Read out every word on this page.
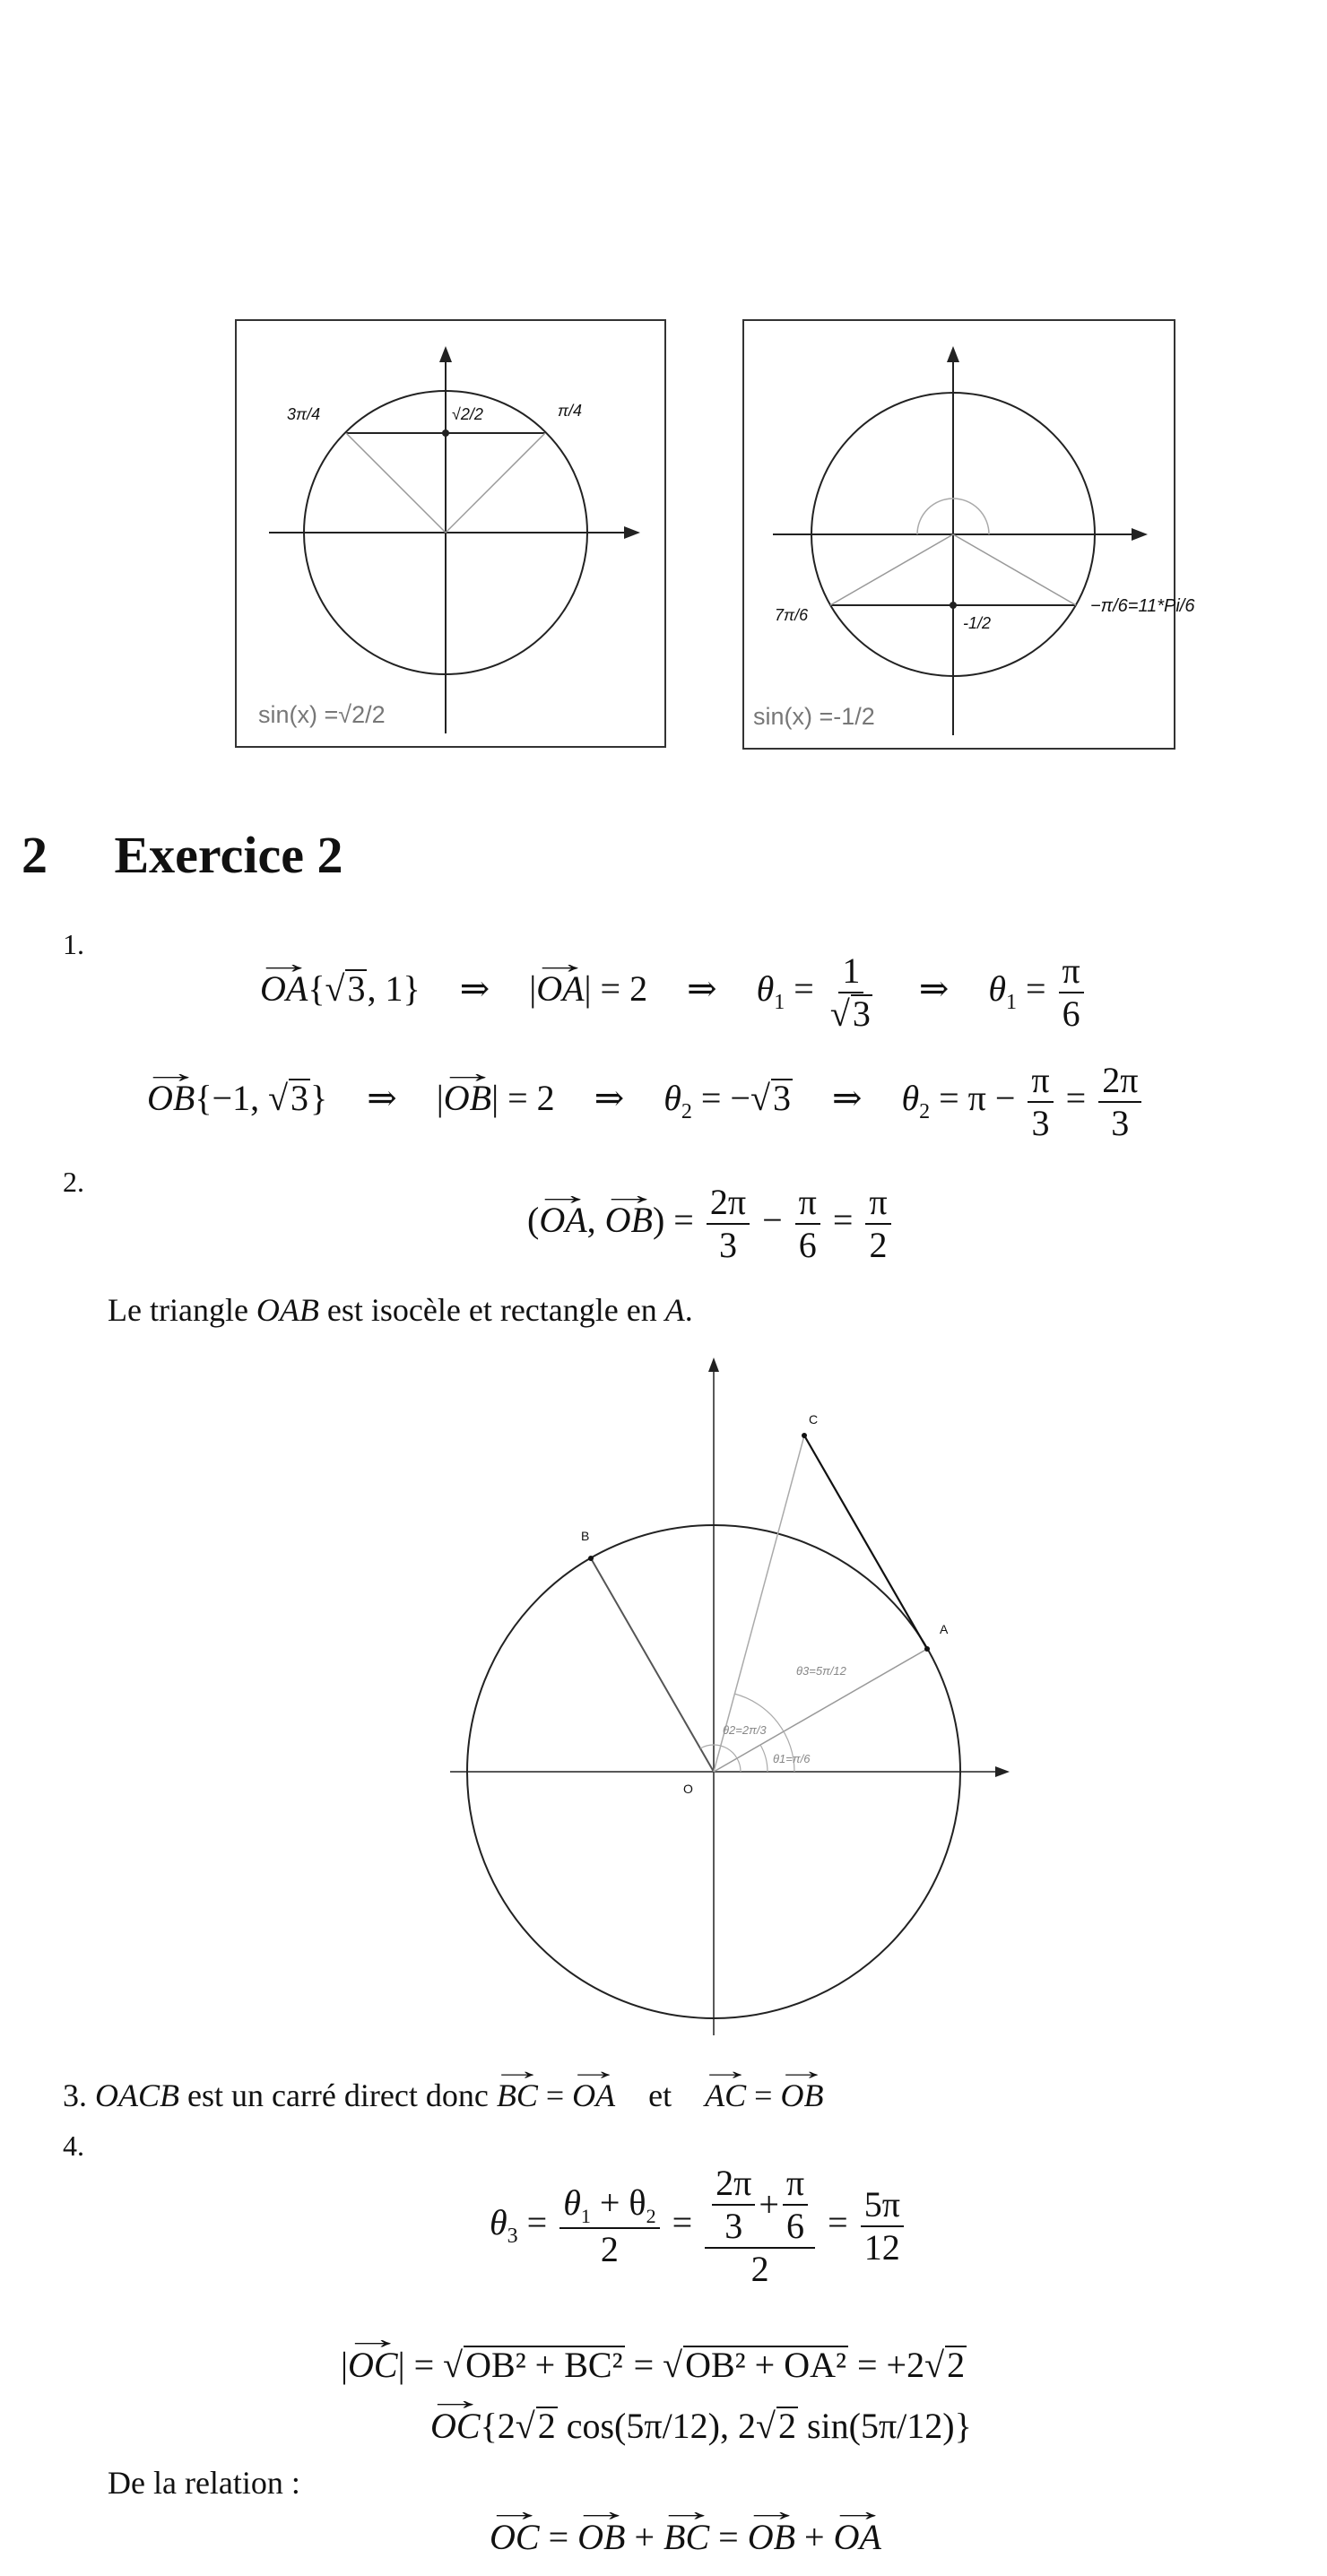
3π/4	√2/2	π/4
sin(x) =√2/2
7π/6	-1/2
sin(x) =-1/2
−π/6=11*Pi/6
2 Exercice 2
1.
OA →{√3, 1} ⇒ |OA →| = 2 ⇒ $\theta_1 = \frac{1}{√3}$ ⇒ $\theta_1 = \frac{\pi}{6}$
OB →{−1, √3} ⇒ |OB →| = 2 ⇒ $\theta_2 = -√3$ ⇒ $\theta_2 = \pi - \frac{\pi}{3} = \frac{2\pi}{3}$
2.
(OA →, OB →) = $\frac{2\pi}{3} - \frac{\pi}{6} = \frac{\pi}{2}$
Le triangle OAB est isocèle et rectangle en A.
O
A
B
C
θ1=π/6
θ2=2π/3
θ3=5π/12
3. OACB est un carré direct donc BC → = OA → et AC → = OB →
4.
$\theta_3 = \frac{\theta_1 + \theta_2}{2} = \frac{\frac{2\pi}{3} + \frac{\pi}{6}}{2} = \frac{5\pi}{12}$
|OC →| = √OB² + BC² = √OB² + OA² = +2√2
OC →{2√2 cos(5π/12), 2√2 sin(5π/12)}
De la relation :
OC → = OB → + BC → = OB → + OA →
